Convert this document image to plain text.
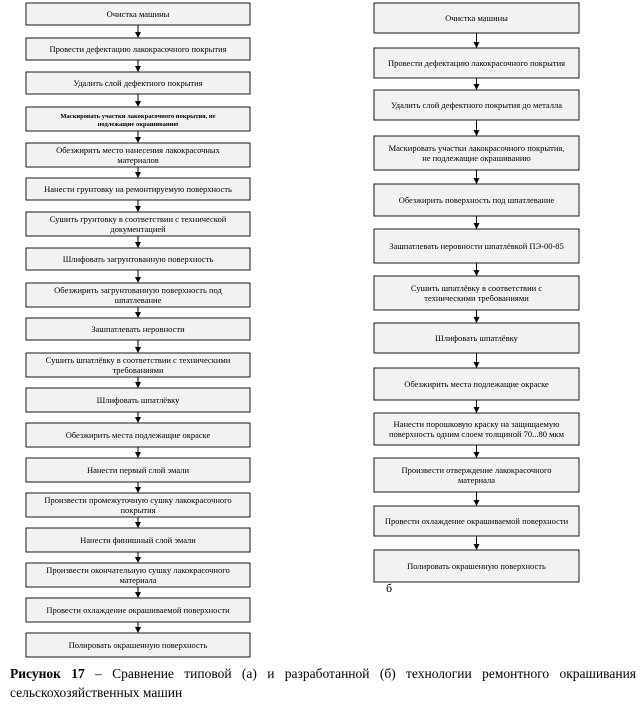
Очистка машины
Провести дефектацию лакокрасочного покрытия
Удалить слой дефектного покрытия
Маскировать участки лакокрасочного покрытия, не
подлежащие окрашиванию
Обезжирить место нанесения лакокрасочных
материалов
Нанести грунтовку на ремонтируемую поверхность
Сушить грунтовку в соответствии с технической
документацией
Шлифовать загрунтованную поверхность
Обезжирить загрунтованную поверхность под
шпатлевание
Зашпатлевать неровности
Сушить шпатлёвку в соответствии с техническими
требованиями
Шлифовать шпатлёвку
Обезжирить места подлежащие окраске
Нанести первый слой эмали
Произвести промежуточную сушку лакокрасочного
покрытия
Нанести финишный слой эмали
Произвести окончательную сушку лакокрасочного
материала
Провести охлаждение окрашиваемой поверхности
Полировать окрашенную поверхность
Очистка машины
Провести дефектацию лакокрасочного покрытия
Удалить слой дефектного покрытия до металла
Маскировать участки лакокрасочного покрытия,
не подлежащие окрашиванию
Обезжирить поверхность под шпатлевание
Зашпатлевать неровности шпатлёвкой ПЭ-00-85
Сушить шпатлёвку в соответствии с
техническими требованиями
Шлифовать шпатлёвку
Обезжирить места подлежащие окраске
Нанести порошковую краску на защищаемую
поверхность одним слоем толщиной 70...80 мкм
Произвести отверждение лакокрасочного
материала
Провести охлаждение окрашиваемой поверхности
Полировать окрашенную поверхность
б
Рисунок 17 – Сравнение типовой (а) и разработанной (б) технологии ремонтного окрашивания сельскохозяйственных машин
